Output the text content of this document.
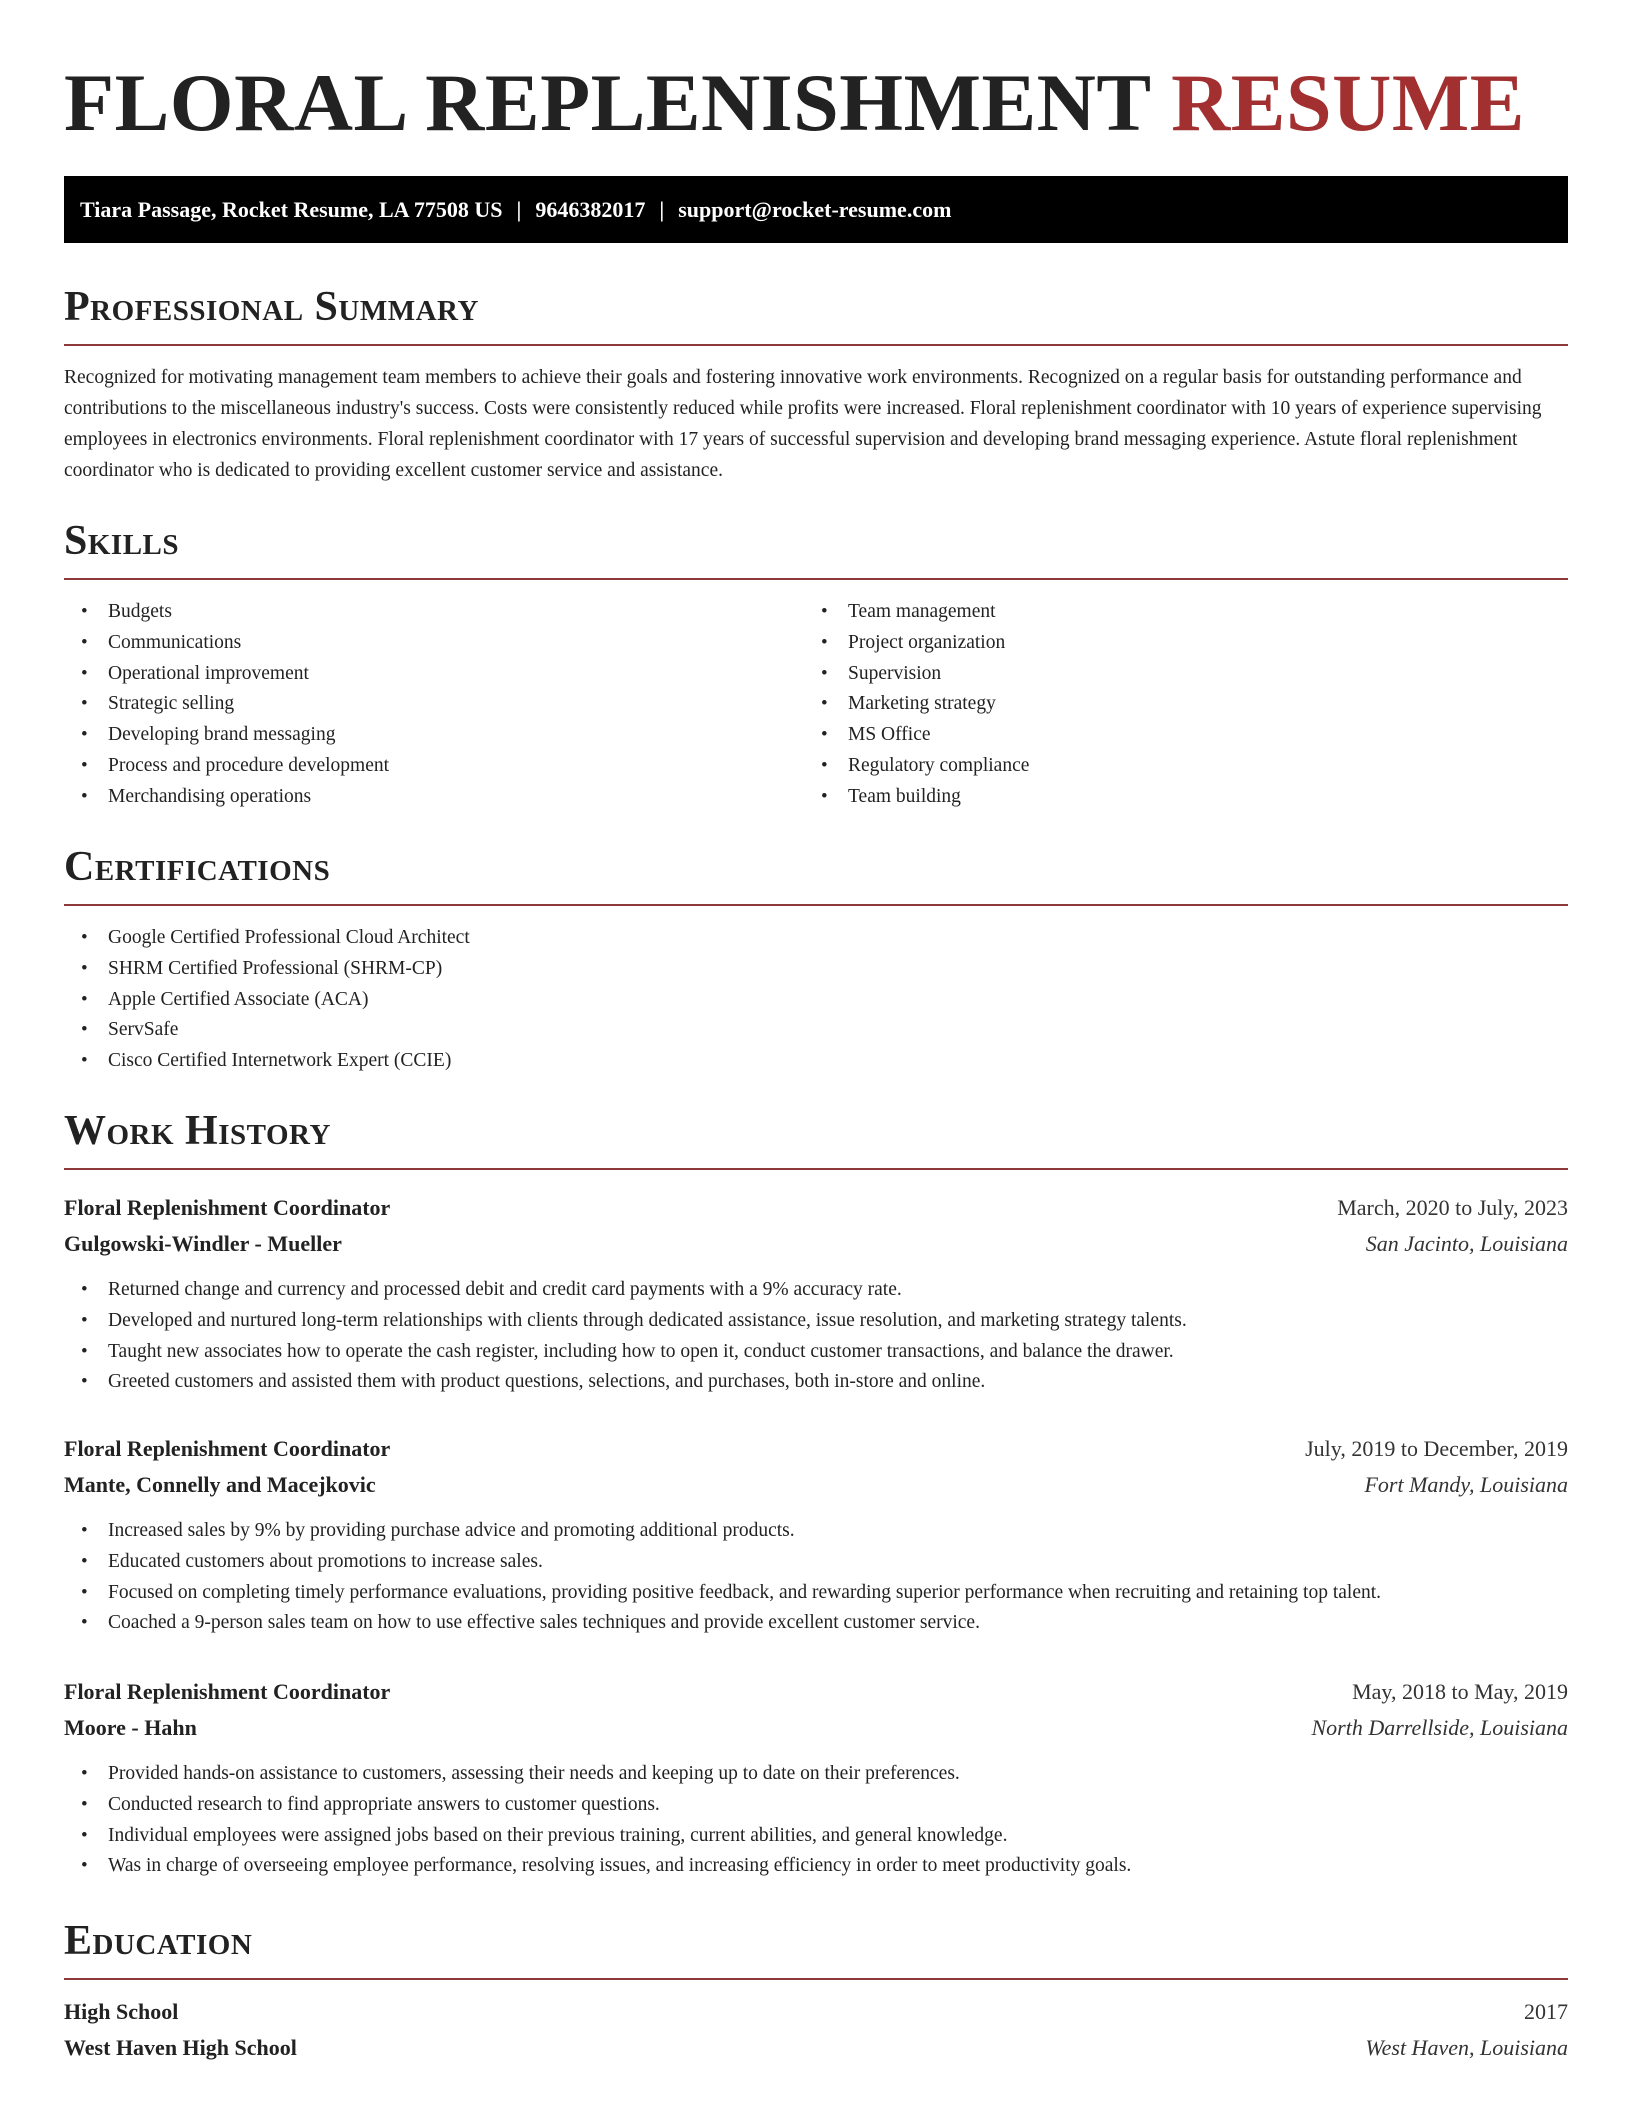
FLORAL REPLENISHMENT RESUME
Tiara Passage, Rocket Resume, LA 77508 US | 9646382017 | support@rocket-resume.com
Professional Summary

Recognized for motivating management team members to achieve their goals and fostering innovative work environments. Recognized on a regular basis for outstanding performance and contributions to the miscellaneous industry's success. Costs were consistently reduced while profits were increased. Floral replenishment coordinator with 10 years of experience supervising employees in electronics environments. Floral replenishment coordinator with 17 years of successful supervision and developing brand messaging experience. Astute floral replenishment coordinator who is dedicated to providing excellent customer service and assistance.

Skills
• Budgets
• Communications
• Operational improvement
• Strategic selling
• Developing brand messaging
• Process and procedure development
• Merchandising operations
• Team management
• Project organization
• Supervision
• Marketing strategy
• MS Office
• Regulatory compliance
• Team building
Certifications
• Google Certified Professional Cloud Architect
• SHRM Certified Professional (SHRM-CP)
• Apple Certified Associate (ACA)
• ServSafe
• Cisco Certified Internetwork Expert (CCIE)
Work History
Floral Replenishment Coordinator	March, 2020 to July, 2023
Gulgowski-Windler - Mueller	San Jacinto, Louisiana
• Returned change and currency and processed debit and credit card payments with a 9% accuracy rate.
• Developed and nurtured long-term relationships with clients through dedicated assistance, issue resolution, and marketing strategy talents.
• Taught new associates how to operate the cash register, including how to open it, conduct customer transactions, and balance the drawer.
• Greeted customers and assisted them with product questions, selections, and purchases, both in-store and online.
Floral Replenishment Coordinator	July, 2019 to December, 2019
Mante, Connelly and Macejkovic	Fort Mandy, Louisiana
• Increased sales by 9% by providing purchase advice and promoting additional products.
• Educated customers about promotions to increase sales.
• Focused on completing timely performance evaluations, providing positive feedback, and rewarding superior performance when recruiting and retaining top talent.
• Coached a 9-person sales team on how to use effective sales techniques and provide excellent customer service.
Floral Replenishment Coordinator	May, 2018 to May, 2019
Moore - Hahn	North Darrellside, Louisiana
• Provided hands-on assistance to customers, assessing their needs and keeping up to date on their preferences.
• Conducted research to find appropriate answers to customer questions.
• Individual employees were assigned jobs based on their previous training, current abilities, and general knowledge.
• Was in charge of overseeing employee performance, resolving issues, and increasing efficiency in order to meet productivity goals.
Education
High School	2017
West Haven High School	West Haven, Louisiana
